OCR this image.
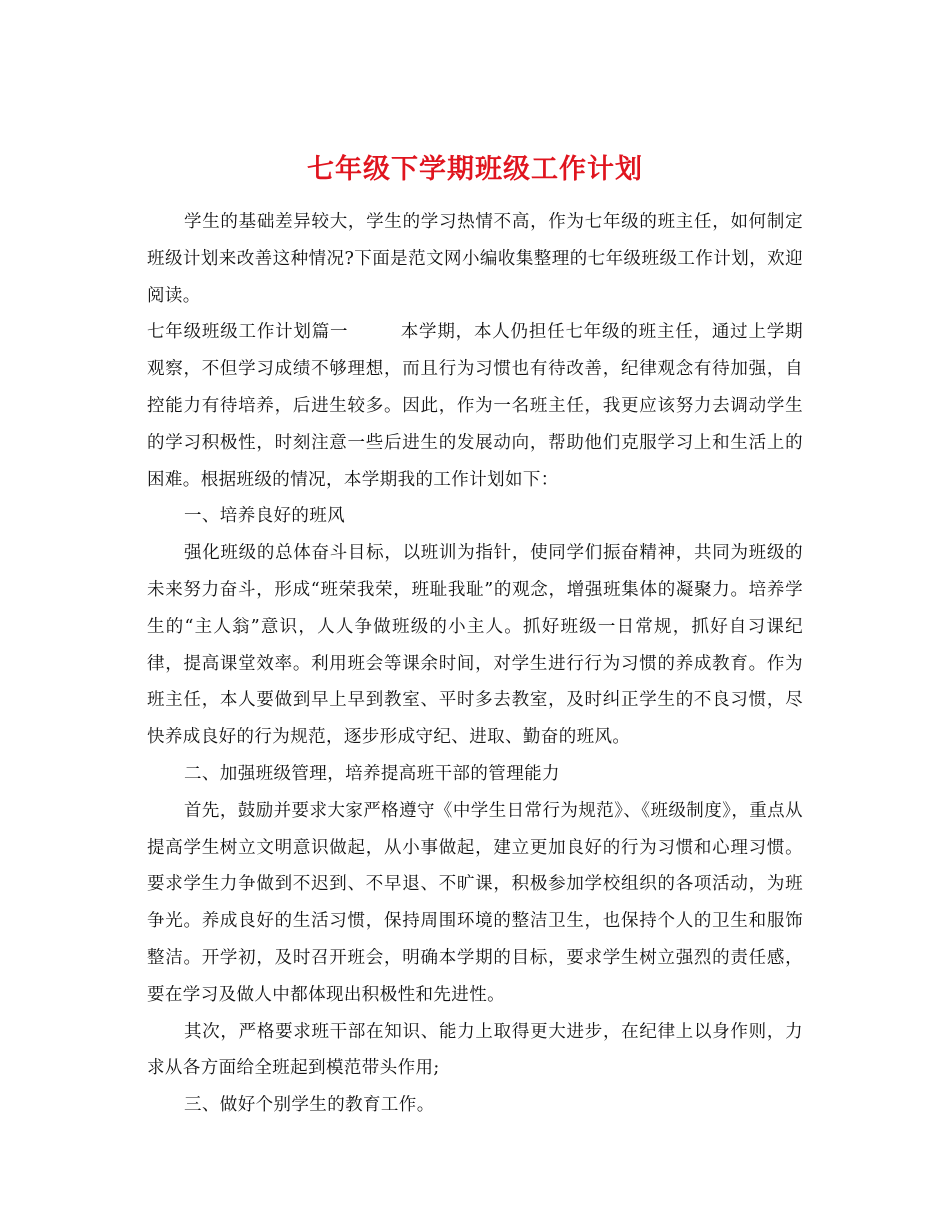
七年级下学期班级工作计划

学生的基础差异较大，学生的学习热情不高，作为七年级的班主任，如何制定班级计划来改善这种情况?下面是范文网小编收集整理的七年级班级工作计划，欢迎阅读。

七年级班级工作计划篇一	本学期，本人仍担任七年级的班主任，通过上学期观察，不但学习成绩不够理想，而且行为习惯也有待改善，纪律观念有待加强，自控能力有待培养，后进生较多。因此，作为一名班主任，我更应该努力去调动学生的学习积极性，时刻注意一些后进生的发展动向，帮助他们克服学习上和生活上的困难。根据班级的情况，本学期我的工作计划如下：

一、培养良好的班风

强化班级的总体奋斗目标，以班训为指针，使同学们振奋精神，共同为班级的未来努力奋斗，形成“班荣我荣，班耻我耻”的观念，增强班集体的凝聚力。培养学生的“主人翁”意识，人人争做班级的小主人。抓好班级一日常规，抓好自习课纪律，提高课堂效率。利用班会等课余时间，对学生进行行为习惯的养成教育。作为班主任，本人要做到早上早到教室、平时多去教室，及时纠正学生的不良习惯，尽快养成良好的行为规范，逐步形成守纪、进取、勤奋的班风。

二、加强班级管理，培养提高班干部的管理能力

首先，鼓励并要求大家严格遵守《中学生日常行为规范》、《班级制度》，重点从提高学生树立文明意识做起，从小事做起，建立更加良好的行为习惯和心理习惯。要求学生力争做到不迟到、不早退、不旷课，积极参加学校组织的各项活动，为班争光。养成良好的生活习惯，保持周围环境的整洁卫生，也保持个人的卫生和服饰整洁。开学初，及时召开班会，明确本学期的目标，要求学生树立强烈的责任感，要在学习及做人中都体现出积极性和先进性。

其次，严格要求班干部在知识、能力上取得更大进步，在纪律上以身作则，力求从各方面给全班起到模范带头作用;

三、做好个别学生的教育工作。
